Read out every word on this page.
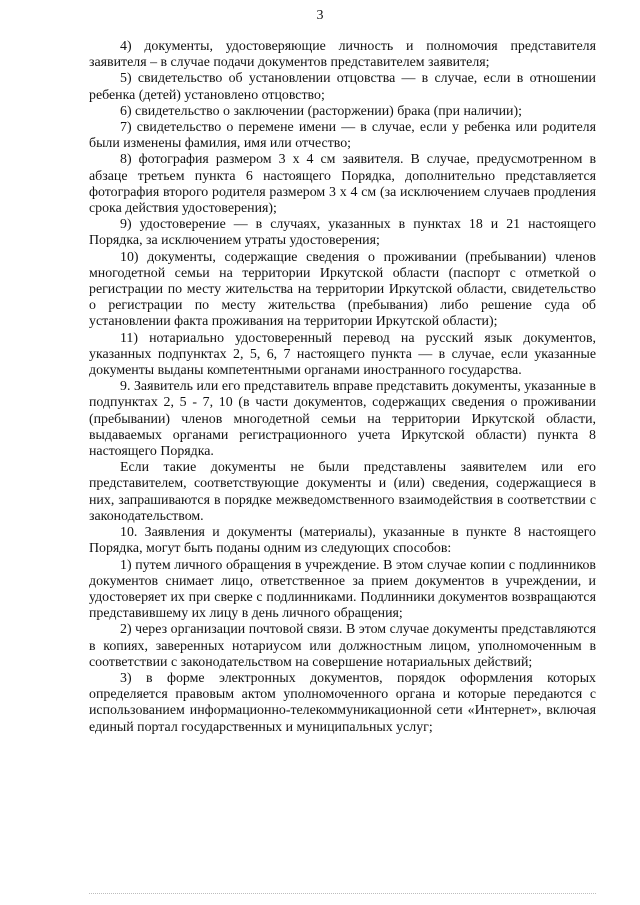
3

4) документы, удостоверяющие личность и полномочия представителя заявителя – в случае подачи документов представителем заявителя;

5) свидетельство об установлении отцовства — в случае, если в отношении ребенка (детей) установлено отцовство;

6) свидетельство о заключении (расторжении) брака (при наличии);

7) свидетельство о перемене имени — в случае, если у ребенка или родителя были изменены фамилия, имя или отчество;

8) фотография размером 3 х 4 см заявителя. В случае, предусмотренном в абзаце третьем пункта 6 настоящего Порядка, дополнительно представляется фотография второго родителя размером 3 х 4 см (за исключением случаев продления срока действия удостоверения);

9) удостоверение — в случаях, указанных в пунктах 18 и 21 настоящего Порядка, за исключением утраты удостоверения;

10) документы, содержащие сведения о проживании (пребывании) членов многодетной семьи на территории Иркутской области (паспорт с отметкой о регистрации по месту жительства на территории Иркутской области, свидетельство о регистрации по месту жительства (пребывания) либо решение суда об установлении факта проживания на территории Иркутской области);

11) нотариально удостоверенный перевод на русский язык документов, указанных подпунктах 2, 5, 6, 7 настоящего пункта — в случае, если указанные документы выданы компетентными органами иностранного государства.

9. Заявитель или его представитель вправе представить документы, указанные в подпунктах 2, 5 - 7, 10 (в части документов, содержащих сведения о проживании (пребывании) членов многодетной семьи на территории Иркутской области, выдаваемых органами регистрационного учета Иркутской области) пункта 8 настоящего Порядка.

Если такие документы не были представлены заявителем или его представителем, соответствующие документы и (или) сведения, содержащиеся в них, запрашиваются в порядке межведомственного взаимодействия в соответствии с законодательством.

10. Заявления и документы (материалы), указанные в пункте 8 настоящего Порядка, могут быть поданы одним из следующих способов:

1) путем личного обращения в учреждение. В этом случае копии с подлинников документов снимает лицо, ответственное за прием документов в учреждении, и удостоверяет их при сверке с подлинниками. Подлинники документов возвращаются представившему их лицу в день личного обращения;

2) через организации почтовой связи. В этом случае документы представляются в копиях, заверенных нотариусом или должностным лицом, уполномоченным в соответствии с законодательством на совершение нотариальных действий;

3) в форме электронных документов, порядок оформления которых определяется правовым актом уполномоченного органа и которые передаются с использованием информационно-телекоммуникационной сети «Интернет», включая единый портал государственных и муниципальных услуг;
